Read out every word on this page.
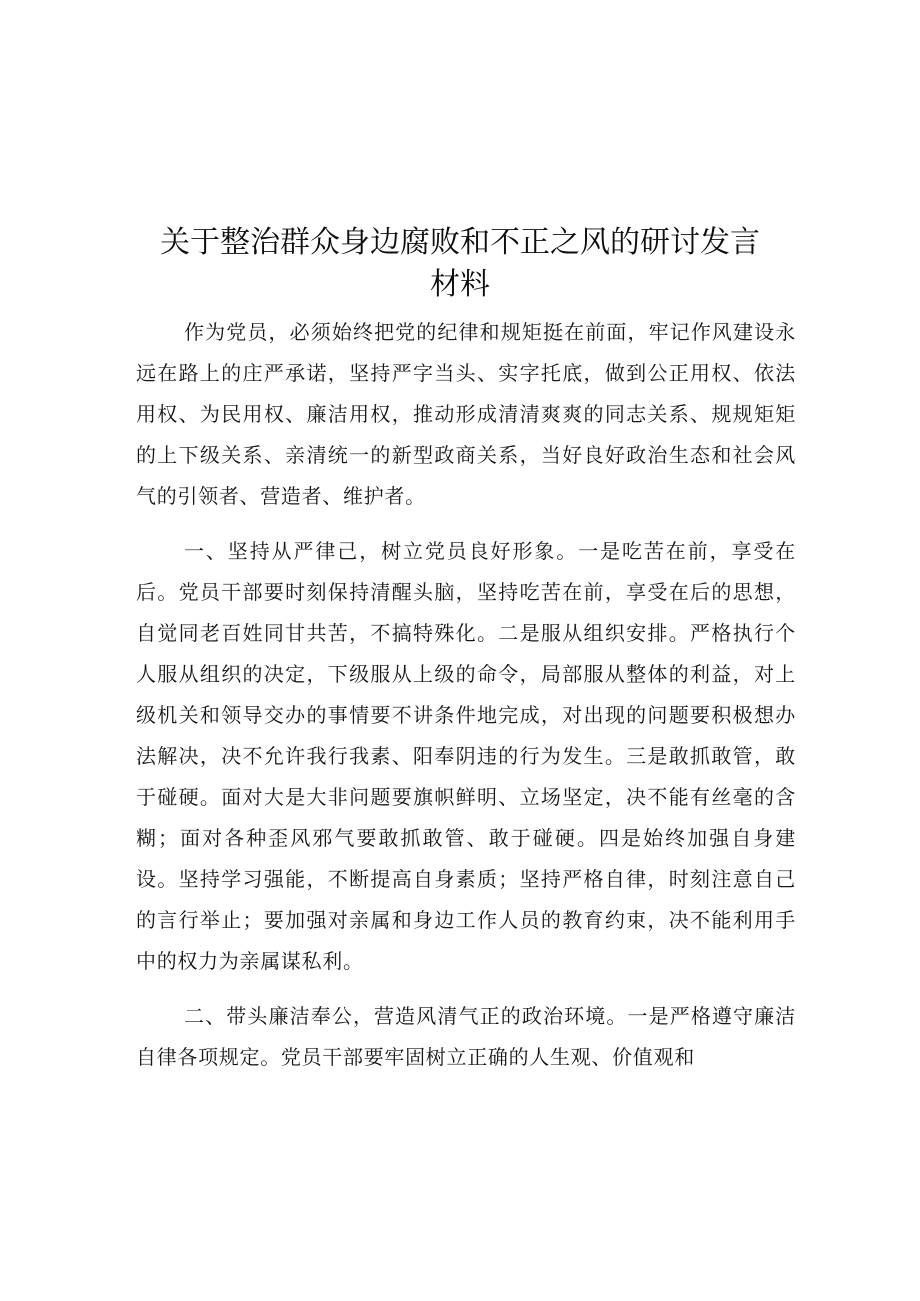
关于整治群众身边腐败和不正之风的研讨发言
材料

作为党员，必须始终把党的纪律和规矩挺在前面，牢记作风建设永远在路上的庄严承诺，坚持严字当头、实字托底，做到公正用权、依法用权、为民用权、廉洁用权，推动形成清清爽爽的同志关系、规规矩矩的上下级关系、亲清统一的新型政商关系，当好良好政治生态和社会风气的引领者、营造者、维护者。

一、坚持从严律己，树立党员良好形象。一是吃苦在前，享受在后。党员干部要时刻保持清醒头脑，坚持吃苦在前，享受在后的思想，自觉同老百姓同甘共苦，不搞特殊化。二是服从组织安排。严格执行个人服从组织的决定，下级服从上级的命令，局部服从整体的利益，对上级机关和领导交办的事情要不讲条件地完成，对出现的问题要积极想办法解决，决不允许我行我素、阳奉阴违的行为发生。三是敢抓敢管，敢于碰硬。面对大是大非问题要旗帜鲜明、立场坚定，决不能有丝毫的含糊；面对各种歪风邪气要敢抓敢管、敢于碰硬。四是始终加强自身建设。坚持学习强能，不断提高自身素质；坚持严格自律，时刻注意自己的言行举止；要加强对亲属和身边工作人员的教育约束，决不能利用手中的权力为亲属谋私利。

二、带头廉洁奉公，营造风清气正的政治环境。一是严格遵守廉洁自律各项规定。党员干部要牢固树立正确的人生观、价值观和
